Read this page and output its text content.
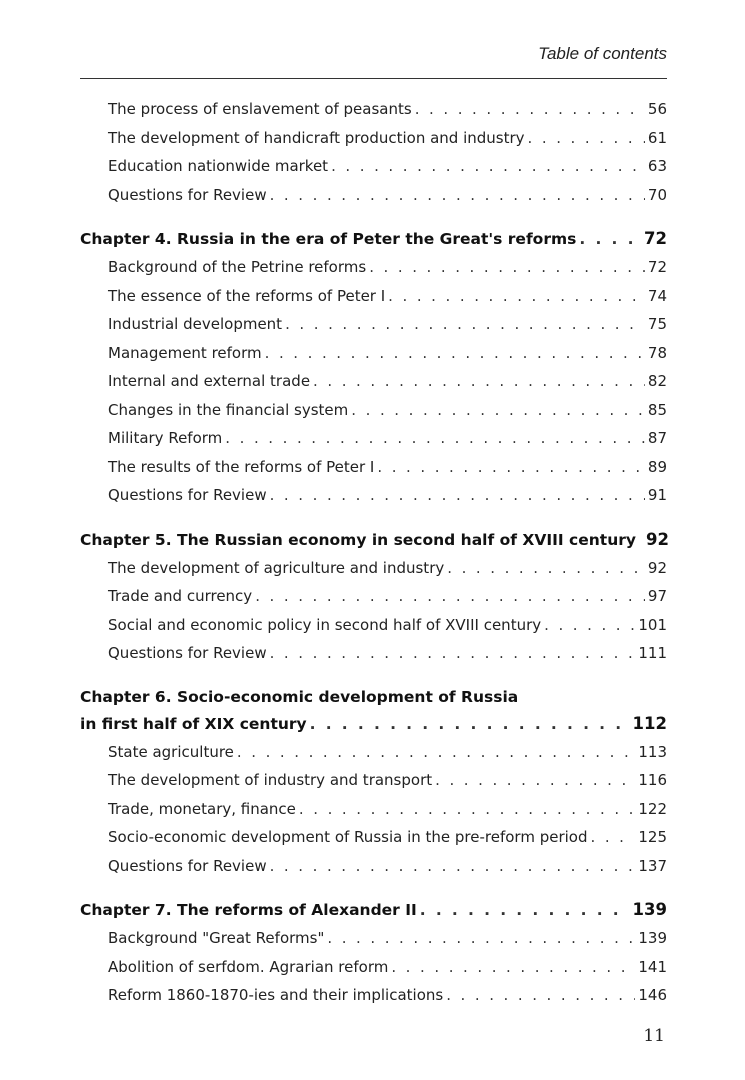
Table of contents
The process of enslavement of peasants . . .	56
The development of handicraft production and industry . . .	61
Education nationwide market . . .	63
Questions for Review . . .	70
Chapter 4. Russia in the era of Peter the Great's reforms . . .	72
Background of the Petrine reforms . . .	72
The essence of the reforms of Peter I . . .	74
Industrial development . . .	75
Management reform . . .	78
Internal and external trade . . .	82
Changes in the financial system . . .	85
Military Reform . . .	87
The results of the reforms of Peter I . . .	89
Questions for Review . . .	91
Chapter 5. The Russian economy in second half of XVIII century 92
The development of agriculture and industry . . .	92
Trade and currency . . .	97
Social and economic policy in second half of XVIII century . . .	101
Questions for Review . . .	111
Chapter 6. Socio-economic development of Russia
in first half of XIX century . . .	112
State agriculture . . .	113
The development of industry and transport . . .	116
Trade, monetary, finance . . .	122
Socio-economic development of Russia in the pre-reform period . . .	125
Questions for Review . . .	137
Chapter 7. The reforms of Alexander II . . .	139
Background "Great Reforms" . . .	139
Abolition of serfdom. Agrarian reform . . .	141
Reform 1860-1870-ies and their implications . . .	146
11
